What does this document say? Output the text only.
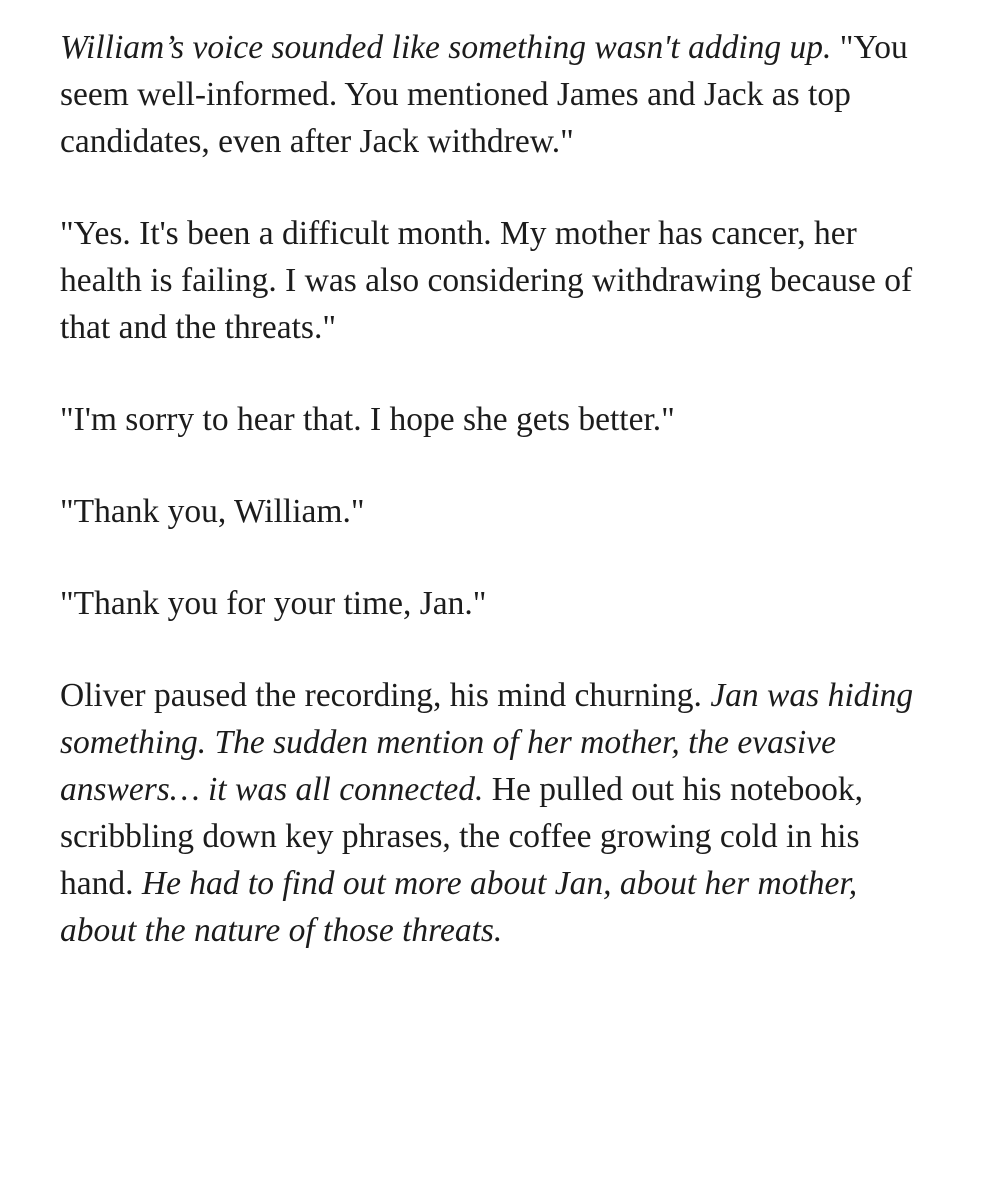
William’s voice sounded like something wasn't adding up. "You seem well-informed. You mentioned James and Jack as top candidates, even after Jack withdrew."

"Yes. It's been a difficult month. My mother has cancer, her health is failing. I was also considering withdrawing because of that and the threats."

"I'm sorry to hear that. I hope she gets better."

"Thank you, William."

"Thank you for your time, Jan."

Oliver paused the recording, his mind churning. Jan was hiding something. The sudden mention of her mother, the evasive answers… it was all connected. He pulled out his notebook, scribbling down key phrases, the coffee growing cold in his hand. He had to find out more about Jan, about her mother, about the nature of those threats.
